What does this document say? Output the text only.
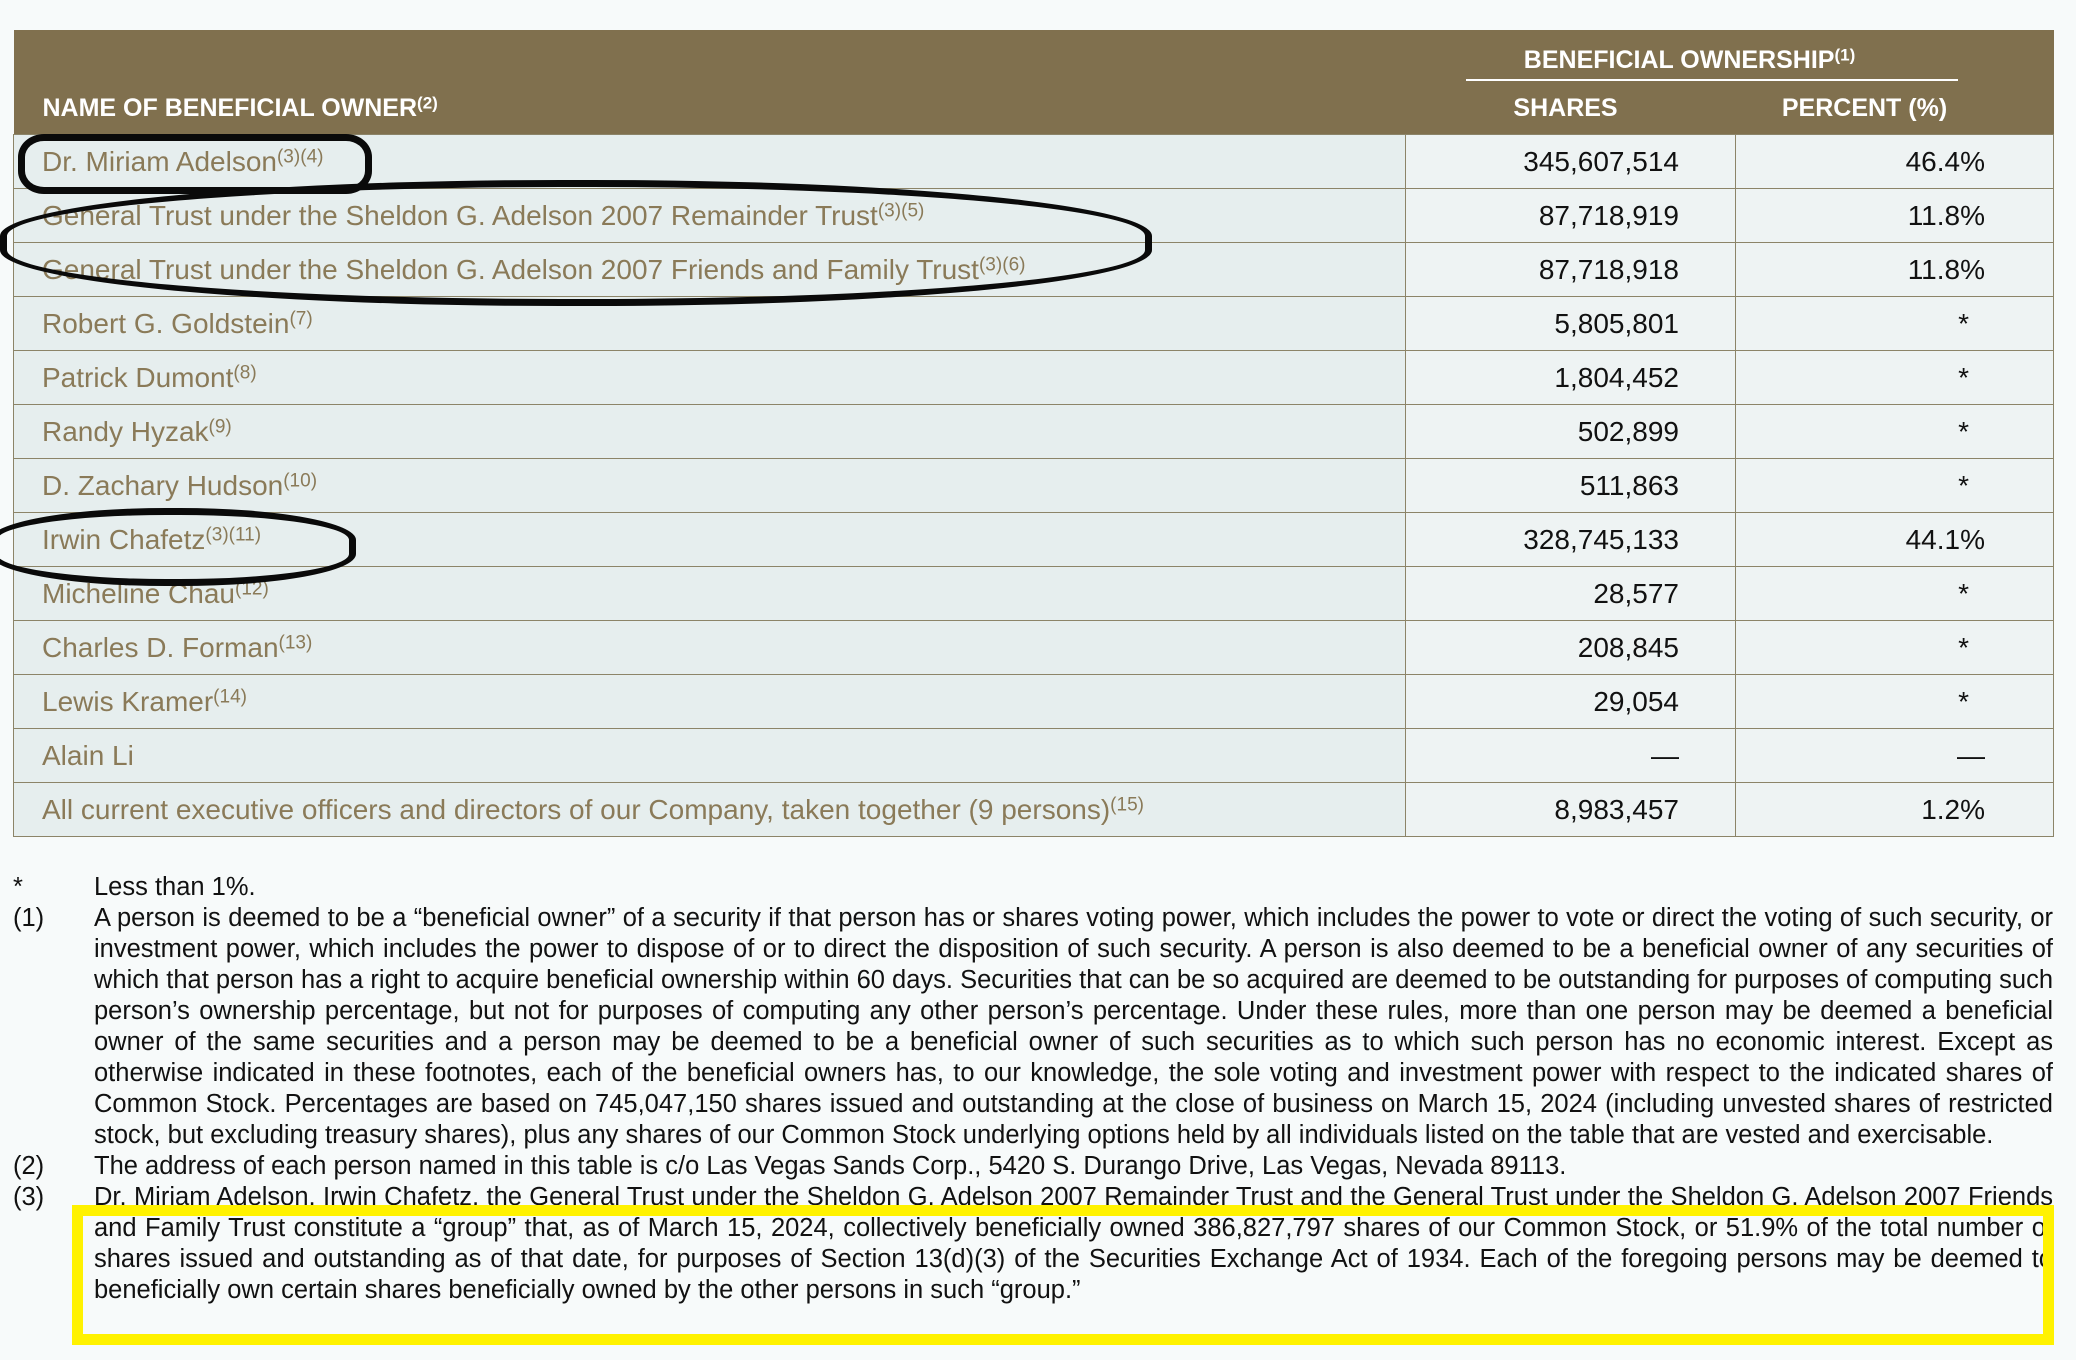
	BENEFICIAL OWNERSHIP$^{(1)}$

NAME OF BENEFICIAL OWNER$^{(2)}$	SHARES	PERCENT (%)
Dr. Miriam Adelson$^{(3)(4)}$	345,607,514	46.4%
General Trust under the Sheldon G. Adelson 2007 Remainder Trust$^{(3)(5)}$	87,718,919	11.8%
General Trust under the Sheldon G. Adelson 2007 Friends and Family Trust$^{(3)(6)}$	87,718,918	11.8%
Robert G. Goldstein$^{(7)}$	5,805,801	*
Patrick Dumont$^{(8)}$	1,804,452	*
Randy Hyzak$^{(9)}$	502,899	*
D. Zachary Hudson$^{(10)}$	511,863	*
Irwin Chafetz$^{(3)(11)}$	328,745,133	44.1%
Micheline Chau$^{(12)}$	28,577	*
Charles D. Forman$^{(13)}$	208,845	*
Lewis Kramer$^{(14)}$	29,054	*
Alain Li	—	—
All current executive officers and directors of our Company, taken together (9 persons)$^{(15)}$	8,983,457	1.2%
*	Less than 1%.
(1) A person is deemed to be a “beneficial owner” of a security if that person has or shares voting power, which includes the power to vote or direct the voting of such security, or investment power, which includes the power to dispose of or to direct the disposition of such security. A person is also deemed to be a beneficial owner of any securities of which that person has a right to acquire beneficial ownership within 60 days. Securities that can be so acquired are deemed to be outstanding for purposes of computing such person’s ownership percentage, but not for purposes of computing any other person’s percentage. Under these rules, more than one person may be deemed a beneficial owner of the same securities and a person may be deemed to be a beneficial owner of such securities as to which such person has no economic interest. Except as otherwise indicated in these footnotes, each of the beneficial owners has, to our knowledge, the sole voting and investment power with respect to the indicated shares of Common Stock. Percentages are based on 745,047,150 shares issued and outstanding at the close of business on March 15, 2024 (including unvested shares of restricted stock, but excluding treasury shares), plus any shares of our Common Stock underlying options held by all individuals listed on the table that are vested and exercisable.
(2) The address of each person named in this table is c/o Las Vegas Sands Corp., 5420 S. Durango Drive, Las Vegas, Nevada 89113.
(3) Dr. Miriam Adelson, Irwin Chafetz, the General Trust under the Sheldon G. Adelson 2007 Remainder Trust and the General Trust under the Sheldon G. Adelson 2007 Friends and Family Trust constitute a “group” that, as of March 15, 2024, collectively beneficially owned 386,827,797 shares of our Common Stock, or 51.9% of the total number of shares issued and outstanding as of that date, for purposes of Section 13(d)(3) of the Securities Exchange Act of 1934. Each of the foregoing persons may be deemed to beneficially own certain shares beneficially owned by the other persons in such “group.”
